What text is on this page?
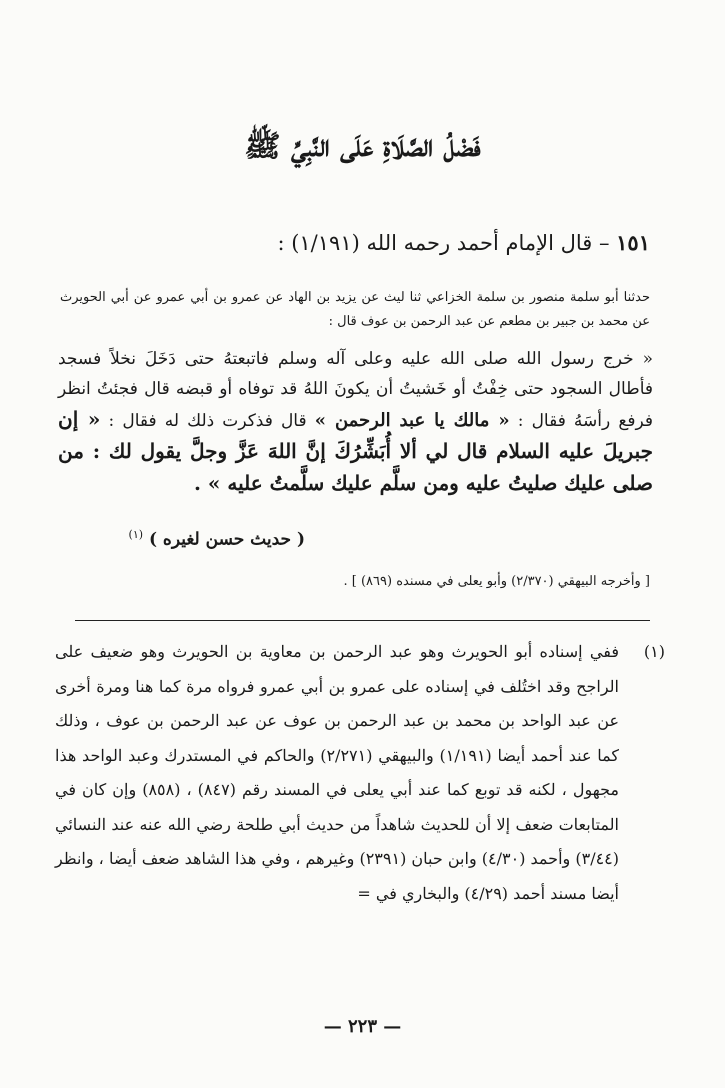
فَضْلُ الصَّلَاةِ عَلَى النَّبِيِّ ﷺ
١٥١ – قال الإمام أحمد رحمه الله (١/١٩١) :
حدثنا أبو سلمة منصور بن سلمة الخزاعي ثنا ليث عن يزيد بن الهاد عن عمرو بن أبي عمرو عن أبي الحويرث عن محمد بن جبير بن مطعم عن عبد الرحمن بن عوف قال :
« خرج رسول الله صلى الله عليه وعلى آله وسلم فاتبعتهُ حتى دَخَلَ نخلاً فسجد فأطال السجود حتى خِفْتُ أو خَشيتُ أن يكونَ اللهُ قد توفاه أو قبضه قال فجئتُ انظر فرفع رأسَهُ فقال : « مالك يا عبد الرحمن » قال فذكرت ذلك له فقال : « إن جبريلَ عليه السلام قال لي ألا أُبَشِّرُكَ إنَّ اللهَ عَزَّ وجلَّ يقول لك : من صلى عليك صليتُ عليه ومن سلَّم عليك سلَّمتُ عليه » .
( حديث حسن لغيره ) $^{(١)}$
[ وأخرجه البيهقي (٢/٣٧٠) وأبو يعلى في مسنده (٨٦٩) ] .
(١)
ففي إسناده أبو الحويرث وهو عبد الرحمن بن معاوية بن الحويرث وهو ضعيف على الراجح وقد اختُلف في إسناده على عمرو بن أبي عمرو فرواه مرة كما هنا ومرة أخرى عن عبد الواحد بن محمد بن عبد الرحمن بن عوف عن عبد الرحمن بن عوف ، وذلك كما عند أحمد أيضا (١/١٩١) والبيهقي (٢/٢٧١) والحاكم في المستدرك وعبد الواحد هذا مجهول ، لكنه قد توبع كما عند أبي يعلى في المسند رقم (٨٤٧) ، (٨٥٨) وإن كان في المتابعات ضعف إلا أن للحديث شاهداً من حديث أبي طلحة رضي الله عنه عند النسائي (٣/٤٤) وأحمد (٤/٣٠) وابن حبان (٢٣٩١) وغيرهم ، وفي هذا الشاهد ضعف أيضا ، وانظر أيضا مسند أحمد (٤/٢٩) والبخاري في =
— ٢٢٣ —
